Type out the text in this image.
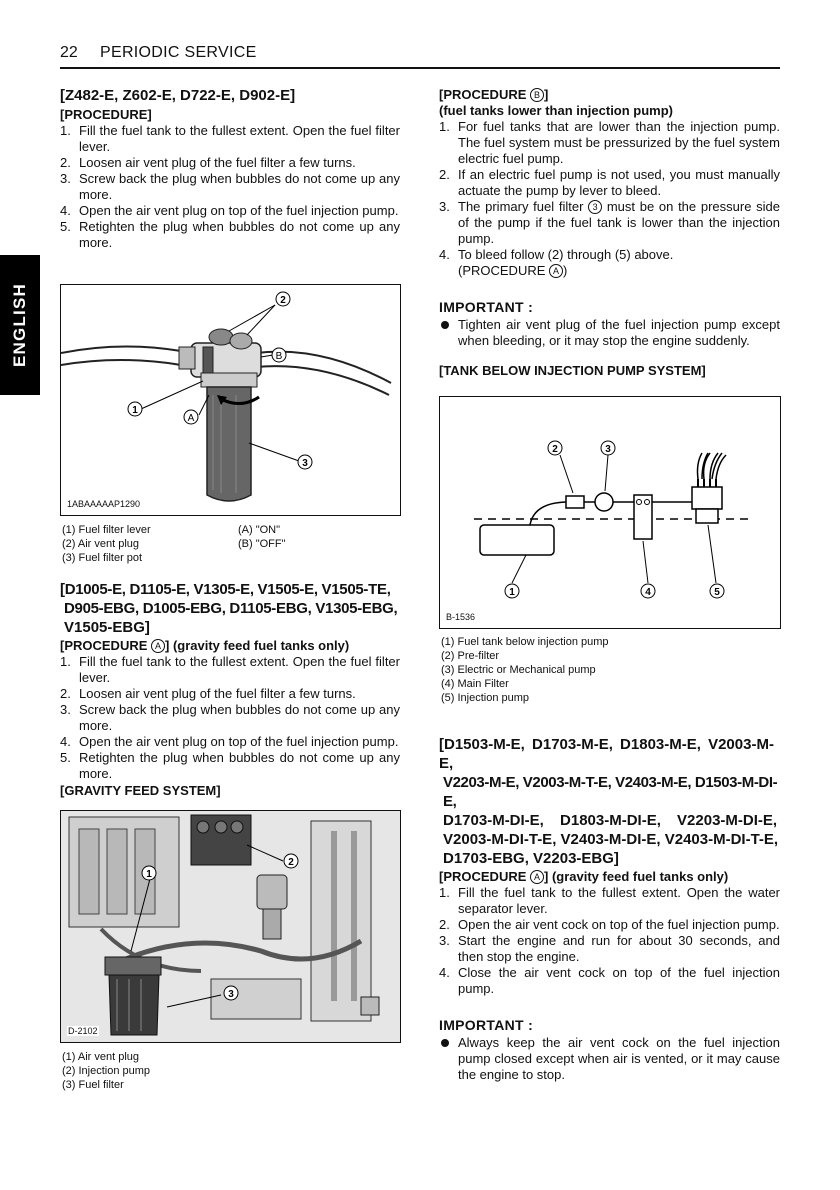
22 PERIODIC SERVICE
ENGLISH

[Z482-E, Z602-E, D722-E, D902-E]

[PROCEDURE]

1. Fill the fuel tank to the fullest extent. Open the fuel filter lever.
2. Loosen air vent plug of the fuel filter a few turns.
3. Screw back the plug when bubbles do not come up any more.
4. Open the air vent plug on top of the fuel injection pump.
5. Retighten the plug when bubbles do not come up any more.
2
B
1
A
3
1ABAAAAAP1290
(1) Fuel filter lever	(A) "ON"
(2) Air vent plug	(B) "OFF"
(3) Fuel filter pot

[D1005-E, D1105-E, V1305-E, V1505-E, V1505-TE,

D905-EBG, D1005-EBG, D1105-EBG, V1305-EBG,

V1505-EBG]

[PROCEDURE A ] (gravity feed fuel tanks only)

1. Fill the fuel tank to the fullest extent. Open the fuel filter lever.
2. Loosen air vent plug of the fuel filter a few turns.
3. Screw back the plug when bubbles do not come up any more.
4. Open the air vent plug on top of the fuel injection pump.
5. Retighten the plug when bubbles do not come up any more.

[GRAVITY FEED SYSTEM]

1
2
3
D-2102
(1) Air vent plug
(2) Injection pump
(3) Fuel filter

[PROCEDURE B ]

(fuel tanks lower than injection pump)

1. For fuel tanks that are lower than the injection pump. The fuel system must be pressurized by the fuel system electric fuel pump.
2. If an electric fuel pump is not used, you must manually actuate the pump by lever to bleed.
3. The primary fuel filter 3 must be on the pressure side of the pump if the fuel tank is lower than the injection pump.
4. To bleed follow (2) through (5) above.
(PROCEDURE A )
IMPORTANT :
Tighten air vent plug of the fuel injection pump except when bleeding, or it may stop the engine suddenly.

[TANK BELOW INJECTION PUMP SYSTEM]

2	3
1	4	5
B-1536
(1) Fuel tank below injection pump
(2) Pre-filter
(3) Electric or Mechanical pump
(4) Main Filter
(5) Injection pump

[D1503-M-E, D1703-M-E, D1803-M-E, V2003-M-E,

V2203-M-E, V2003-M-T-E, V2403-M-E, D1503-M-DI-E,

D1703-M-DI-E, D1803-M-DI-E, V2203-M-DI-E,

V2003-M-DI-T-E, V2403-M-DI-E, V2403-M-DI-T-E,

D1703-EBG, V2203-EBG]

[PROCEDURE A ] (gravity feed fuel tanks only)

1. Fill the fuel tank to the fullest extent. Open the water separator lever.
2. Open the air vent cock on top of the fuel injection pump.
3. Start the engine and run for about 30 seconds, and then stop the engine.
4. Close the air vent cock on top of the fuel injection pump.
IMPORTANT :
Always keep the air vent cock on the fuel injection pump closed except when air is vented, or it may cause the engine to stop.
